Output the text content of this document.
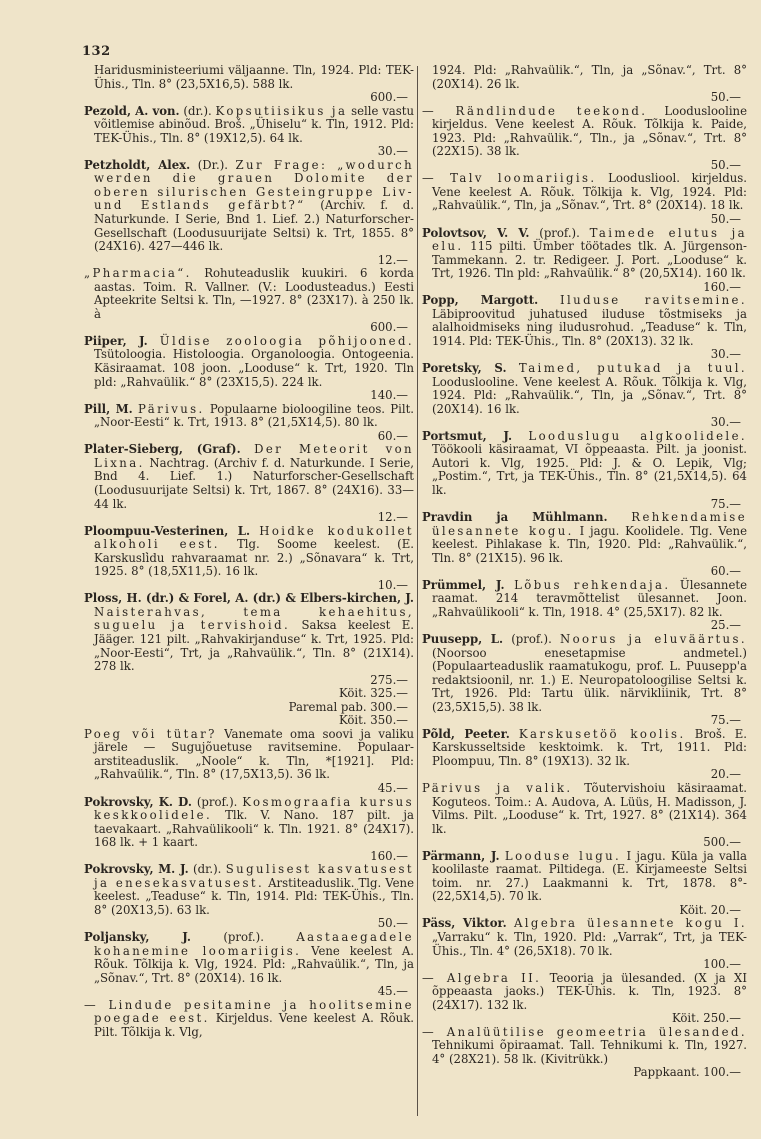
132

Haridusministeeriumi väljaanne. Tln, 1924. Pld: TEK-Ühis., Tln. 8° (23,5X16,5). 588 lk.

600.—

Pezold, A. von. (dr.). Kopsutiisikus ja selle vastu võitlemise abinõud. Broš. „Ühiselu“ k. Tln, 1912. Pld: TEK-Ühis., Tln. 8° (19X12,5). 64 lk.

30.—

Petzholdt, Alex. (Dr.). Zur Frage: „wodurch werden die grauen Dolomite der oberen silurischen Gesteingruppe Liv- und Estlands gefärbt?“ (Archiv. f. d. Naturkunde. I Serie, Bnd 1. Lief. 2.) Naturforscher-Gesellschaft (Loodusuurijate Seltsi) k. Trt, 1855. 8° (24X16). 427—446 lk.

12.—

„Pharmacia“. Rohuteaduslik kuukiri. 6 korda aastas. Toim. R. Vallner. (V.: Loodusteadus.) Eesti Apteekrite Seltsi k. Tln, —1927. 8° (23X17). à 250 lk. à

600.—

Piiper, J. Üldise zooloogia põhijooned. Tsütoloogia. Histoloogia. Organoloogia. Ontogeenia. Käsiraamat. 108 joon. „Looduse“ k. Trt, 1920. Tln pld: „Rahvaülik.“ 8° (23X15,5). 224 lk.

140.—

Pill, M. Pärivus. Populaarne bioloogiline teos. Pilt. „Noor-Eesti“ k. Trt, 1913. 8° (21,5X14,5). 80 lk.

60.—

Plater-Sieberg, (Graf). Der Meteorit von Lixna. Nachtrag. (Archiv f. d. Naturkunde. I Serie, Bnd 4. Lief. 1.) Naturforscher-Gesellschaft (Loodusuurijate Seltsi) k. Trt, 1867. 8° (24X16). 33—44 lk.

12.—

Ploompuu-Vesterinen, L. Hoidke kodukollet alkoholi eest. Tlg. Soome keelest. (E. Karskusli̇̀du rahvaraamat nr. 2.) „Sõnavara“ k. Trt, 1925. 8° (18,5X11,5). 16 lk.

10.—

Ploss, H. (dr.) & Forel, A. (dr.) & Elbers-kirchen, J. Naisterahvas, tema kehaehitus, suguelu ja tervishoid. Saksa keelest E. Jääger. 121 pilt. „Rahvakirjanduse“ k. Trt, 1925. Pld: „Noor-Eesti“, Trt, ja „Rahvaülik.“, Tln. 8° (21X14). 278 lk.

275.—
Köit. 325.—
Paremal pab. 300.—
Köit. 350.—

Poeg või tütar? Vanemate oma soovi ja valiku järele — Sugujõuetuse ravitsemine. Populaar-arstiteaduslik. „Noole“ k. Tln, *[1921]. Pld: „Rahvaülik.“, Tln. 8° (17,5X13,5). 36 lk.

45.—

Pokrovsky, K. D. (prof.). Kosmograafia kursus keskkoolidele. Tlk. V. Nano. 187 pilt. ja taevakaart. „Rahvaülikooli“ k. Tln. 1921. 8° (24X17). 168 lk. + 1 kaart.

160.—

Pokrovsky, M. J. (dr.). Sugulisest kasvatusest ja enesekasvatusest. Arstiteaduslik. Tlg. Vene keelest. „Teaduse“ k. Tln, 1914. Pld: TEK-Ühis., Tln. 8° (20X13,5). 63 lk.

50.—

Poljansky, J.	(prof.). Aastaaegadele kohanemine loomariigis. Vene keelest A. Rõuk. Tõlkija k. Vlg, 1924. Pld: „Rahvaülik.“, Tln, ja „Sõnav.“, Trt. 8° (20X14). 16 lk.

45.—

— Lindude pesitamine ja hoolitsemine poegade eest. Kirjeldus. Vene keelest A. Rõuk. Pilt. Tõlkija k. Vlg,

1924. Pld: „Rahvaülik.“, Tln, ja „Sõnav.“, Trt. 8° (20X14). 26 lk.

50.—

— Rändlindude teekond. Looduslooline kirjeldus. Vene keelest A. Rõuk. Tõlkija k. Paide, 1923. Pld: „Rahvaülik.“, Tln., ja „Sõnav.“, Trt. 8° (22X15). 38 lk.

50.—

— Talv loomariigis. Loodusliool. kirjeldus. Vene keelest A. Rõuk. Tõlkija k. Vlg, 1924. Pld: „Rahvaülik.“, Tln, ja „Sõnav.“, Trt. 8° (20X14). 18 lk.

50.—

Polovtsov, V. V. (prof.). Taimede elutus ja elu. 115 pilti. Ümber töötades tlk. A. Jürgenson-Tammekann. 2. tr. Redigeer. J. Port. „Looduse“ k. Trt, 1926. Tln pld: „Rahvaülik.“ 8° (20,5X14). 160 lk.

160.—

Popp, Margott. Iluduse ravitsemine. Läbiproovitud juhatused iluduse tõstmiseks ja alalhoidmiseks ning iludusrohud. „Teaduse“ k. Tln, 1914. Pld: TEK-Ühis., Tln. 8° (20X13). 32 lk.

30.—

Poretsky, S. Taimed, putukad ja tuul. Looduslooline. Vene keelest A. Rõuk. Tõlkija k. Vlg, 1924. Pld: „Rahvaülik.“, Tln, ja „Sõnav.“, Trt. 8° (20X14). 16 lk.

30.—

Portsmut, J. Looduslugu algkoolidele. Töökooli käsiraamat, VI õppeaasta. Pilt. ja joonist. Autori k. Vlg, 1925. Pld: J. & O. Lepik, Vlg; „Postim.“, Trt, ja TEK-Ühis., Tln. 8° (21,5X14,5). 64 lk.

75.—

Pravdin ja Mühlmann. Rehkendamise ülesannete kogu. I jagu. Koolidele. Tlg. Vene keelest. Pihlakase k. Tln, 1920. Pld: „Rahvaülik.“, Tln. 8° (21X15). 96 lk.

60.—

Prümmel, J. Lõbus rehkendaja. Ülesannete raamat. 214 teravmõttelist ülesannet. Joon. „Rahvaülikooli“ k. Tln, 1918. 4° (25,5X17). 82 lk.

25.—

Puusepp, L. (prof.). Noorus ja eluväärtus. (Noorsoo enesetapmise andmetel.) (Populaarteaduslik raamatukogu, prof. L. Puusepp'a redaktsioonil, nr. 1.) E. Neuropatoloogilise Seltsi k. Trt, 1926. Pld: Tartu ülik. närvikliinik, Trt. 8° (23,5X15,5). 38 lk.

75.—

Põld, Peeter. Karskusetöö koolis. Broš. E. Karskusseltside kesktoimk. k. Trt, 1911. Pld: Ploompuu, Tln. 8° (19X13). 32 lk.

20.—

Pärivus ja valik. Tõutervishoiu käsiraamat. Koguteos. Toim.: A. Audova, A. Lüüs, H. Madisson, J. Vilms. Pilt. „Looduse“ k. Trt, 1927. 8° (21X14). 364 lk.

500.—

Pärmann, J. Looduse lugu. I jagu. Küla ja valla koolilaste raamat. Piltidega. (E. Kirjameeste Seltsi toim. nr. 27.) Laakmanni k. Trt, 1878. 8°-(22,5X14,5). 70 lk.

Köit. 20.—

Päss, Viktor. Algebra ülesannete kogu I. „Varraku“ k. Tln, 1920. Pld: „Varrak“, Trt, ja TEK-Ühis., Tln. 4° (26,5X18). 70 lk.

100.—

— Algebra II. Teooria ja ülesanded. (X ja XI õppeaasta jaoks.) TEK-Ühis. k. Tln, 1923. 8° (24X17). 132 lk.

Köit. 250.—

— Analüütilise geomeetria ülesanded. Tehnikumi õpiraamat. Tall. Tehnikumi k. Tln, 1927. 4° (28X21). 58 lk. (Kivitrükk.)

Pappkaant. 100.—
